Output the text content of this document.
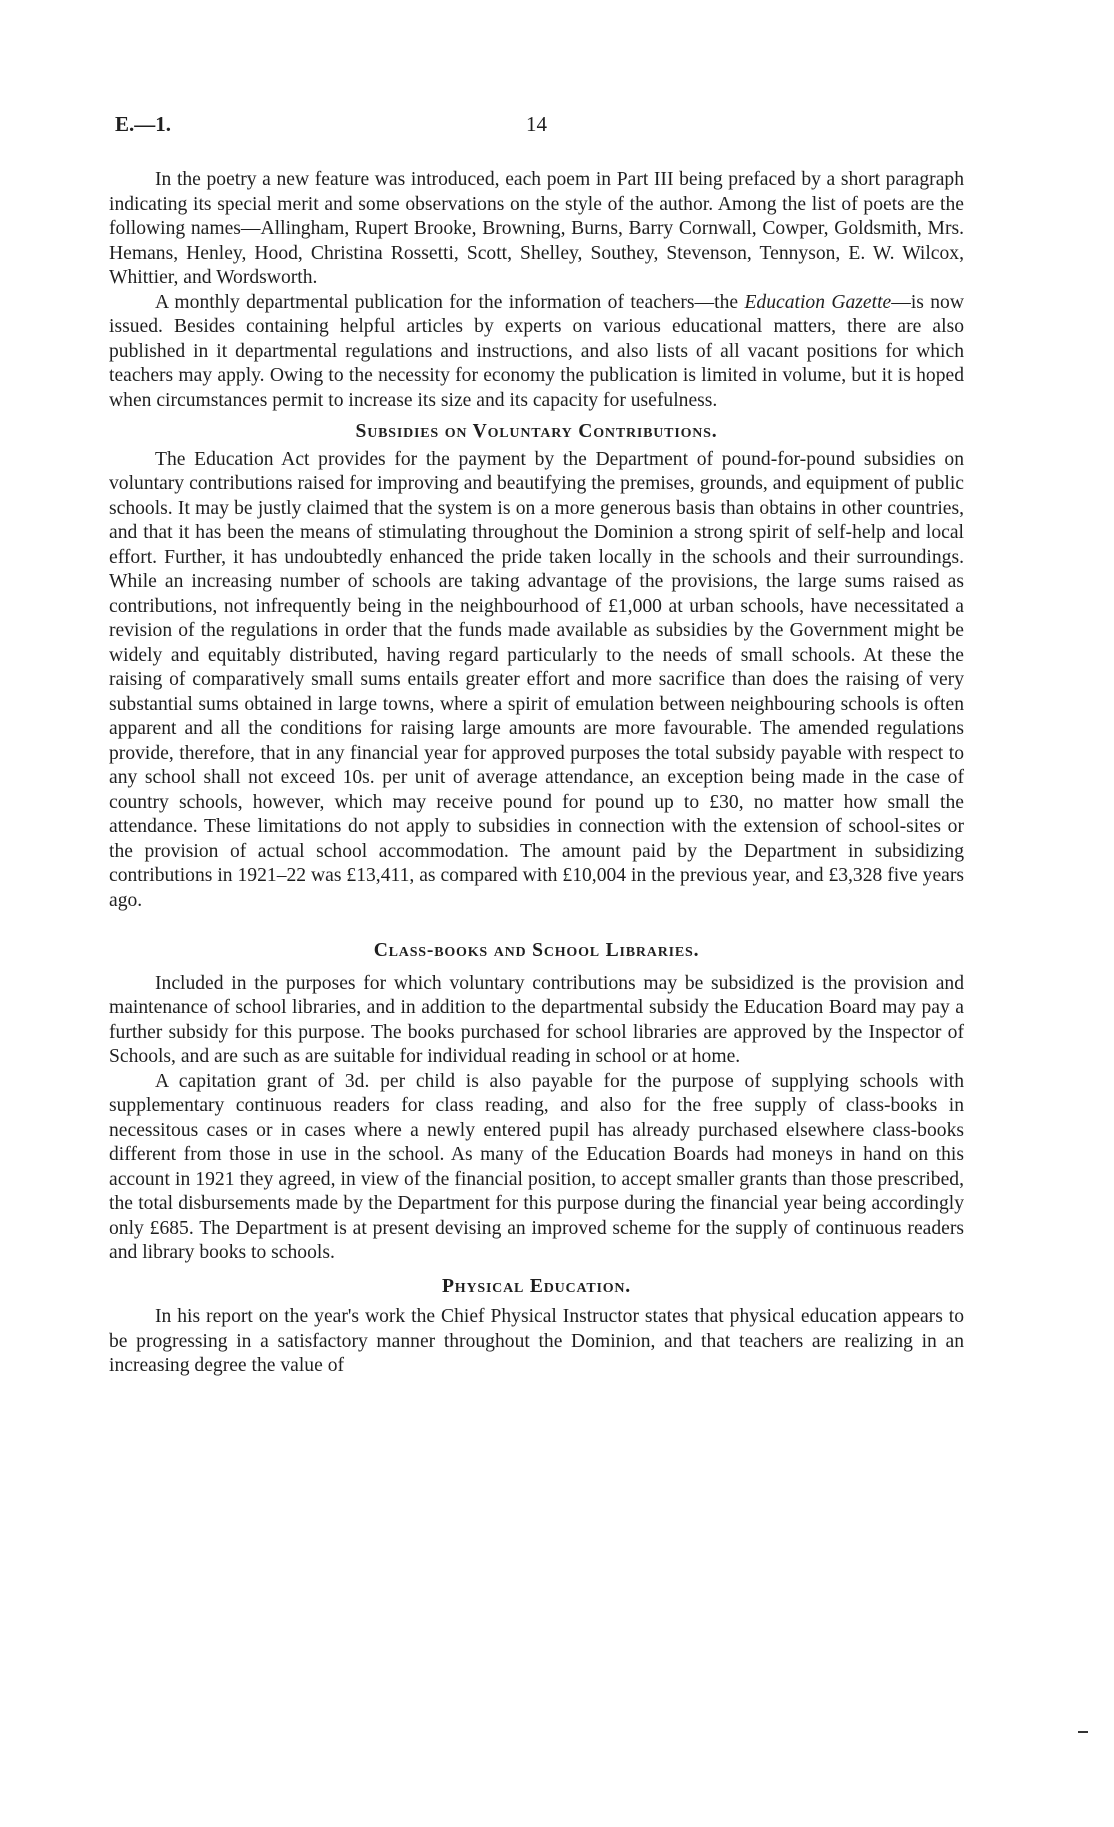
E.—1.	14

In the poetry a new feature was introduced, each poem in Part III being prefaced by a short paragraph indicating its special merit and some observations on the style of the author. Among the list of poets are the following names—Allingham, Rupert Brooke, Browning, Burns, Barry Cornwall, Cowper, Goldsmith, Mrs. Hemans, Henley, Hood, Christina Rossetti, Scott, Shelley, Southey, Stevenson, Tennyson, E. W. Wilcox, Whittier, and Wordsworth.

A monthly departmental publication for the information of teachers—the Education Gazette—is now issued. Besides containing helpful articles by experts on various educational matters, there are also published in it departmental regulations and instructions, and also lists of all vacant positions for which teachers may apply. Owing to the necessity for economy the publication is limited in volume, but it is hoped when circumstances permit to increase its size and its capacity for usefulness.

Subsidies on Voluntary Contributions.

The Education Act provides for the payment by the Department of pound-for-pound subsidies on voluntary contributions raised for improving and beautifying the premises, grounds, and equipment of public schools. It may be justly claimed that the system is on a more generous basis than obtains in other countries, and that it has been the means of stimulating throughout the Dominion a strong spirit of self-help and local effort. Further, it has undoubtedly enhanced the pride taken locally in the schools and their surroundings. While an increasing number of schools are taking advantage of the provisions, the large sums raised as contributions, not infrequently being in the neighbourhood of £1,000 at urban schools, have necessitated a revision of the regulations in order that the funds made available as subsidies by the Government might be widely and equitably distributed, having regard particularly to the needs of small schools. At these the raising of comparatively small sums entails greater effort and more sacrifice than does the raising of very substantial sums obtained in large towns, where a spirit of emulation between neighbouring schools is often apparent and all the conditions for raising large amounts are more favourable. The amended regulations provide, therefore, that in any financial year for approved purposes the total subsidy payable with respect to any school shall not exceed 10s. per unit of average attendance, an exception being made in the case of country schools, however, which may receive pound for pound up to £30, no matter how small the attendance. These limitations do not apply to subsidies in connection with the extension of school-sites or the provision of actual school accommodation. The amount paid by the Department in subsidizing contributions in 1921–22 was £13,411, as compared with £10,004 in the previous year, and £3,328 five years ago.

Class-books and School Libraries.

Included in the purposes for which voluntary contributions may be subsidized is the provision and maintenance of school libraries, and in addition to the departmental subsidy the Education Board may pay a further subsidy for this purpose. The books purchased for school libraries are approved by the Inspector of Schools, and are such as are suitable for individual reading in school or at home.

A capitation grant of 3d. per child is also payable for the purpose of supplying schools with supplementary continuous readers for class reading, and also for the free supply of class-books in necessitous cases or in cases where a newly entered pupil has already purchased elsewhere class-books different from those in use in the school. As many of the Education Boards had moneys in hand on this account in 1921 they agreed, in view of the financial position, to accept smaller grants than those prescribed, the total disbursements made by the Department for this purpose during the financial year being accordingly only £685. The Department is at present devising an improved scheme for the supply of continuous readers and library books to schools.

Physical Education.

In his report on the year's work the Chief Physical Instructor states that physical education appears to be progressing in a satisfactory manner throughout the Dominion, and that teachers are realizing in an increasing degree the value of
